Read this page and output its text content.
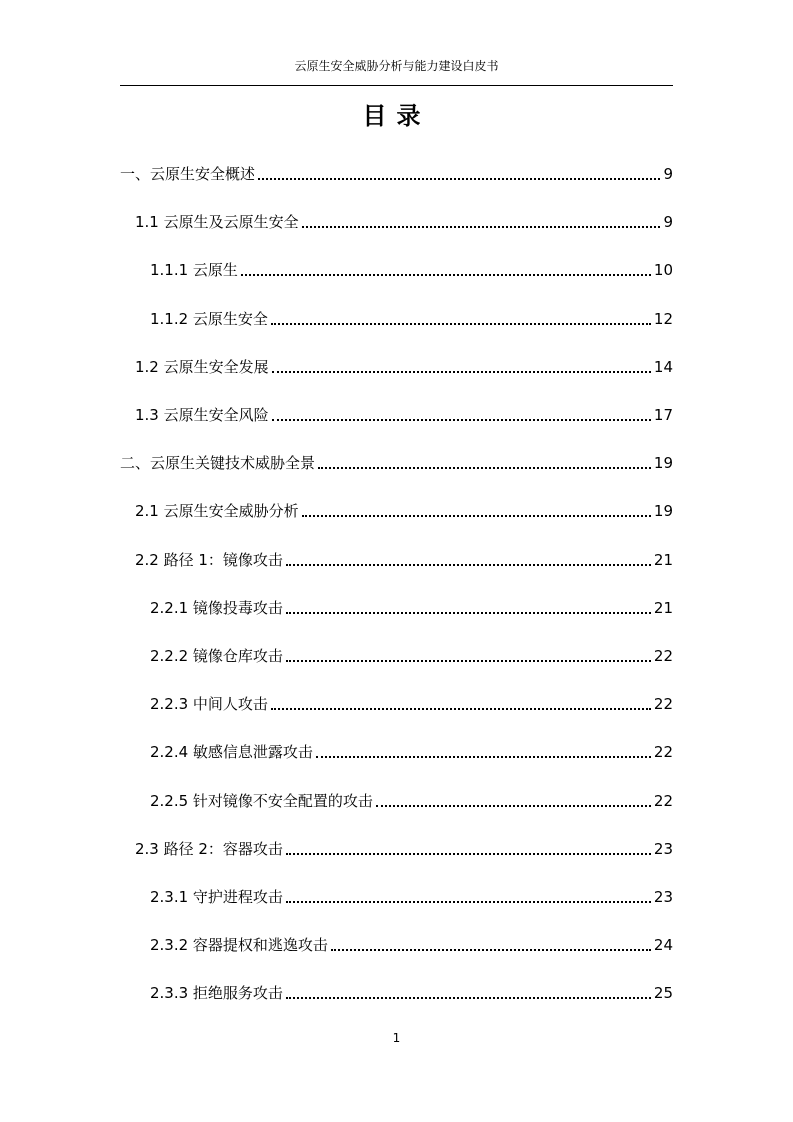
云原生安全威胁分析与能力建设白皮书
目录
一、云原生安全概述	9
1.1 云原生及云原生安全	9
1.1.1 云原生	10
1.1.2 云原生安全	12
1.2 云原生安全发展	14
1.3 云原生安全风险	17
二、云原生关键技术威胁全景	19
2.1 云原生安全威胁分析	19
2.2 路径 1：镜像攻击	21
2.2.1 镜像投毒攻击	21
2.2.2 镜像仓库攻击	22
2.2.3 中间人攻击	22
2.2.4 敏感信息泄露攻击	22
2.2.5 针对镜像不安全配置的攻击	22
2.3 路径 2：容器攻击	23
2.3.1 守护进程攻击	23
2.3.2 容器提权和逃逸攻击	24
2.3.3 拒绝服务攻击	25
1
